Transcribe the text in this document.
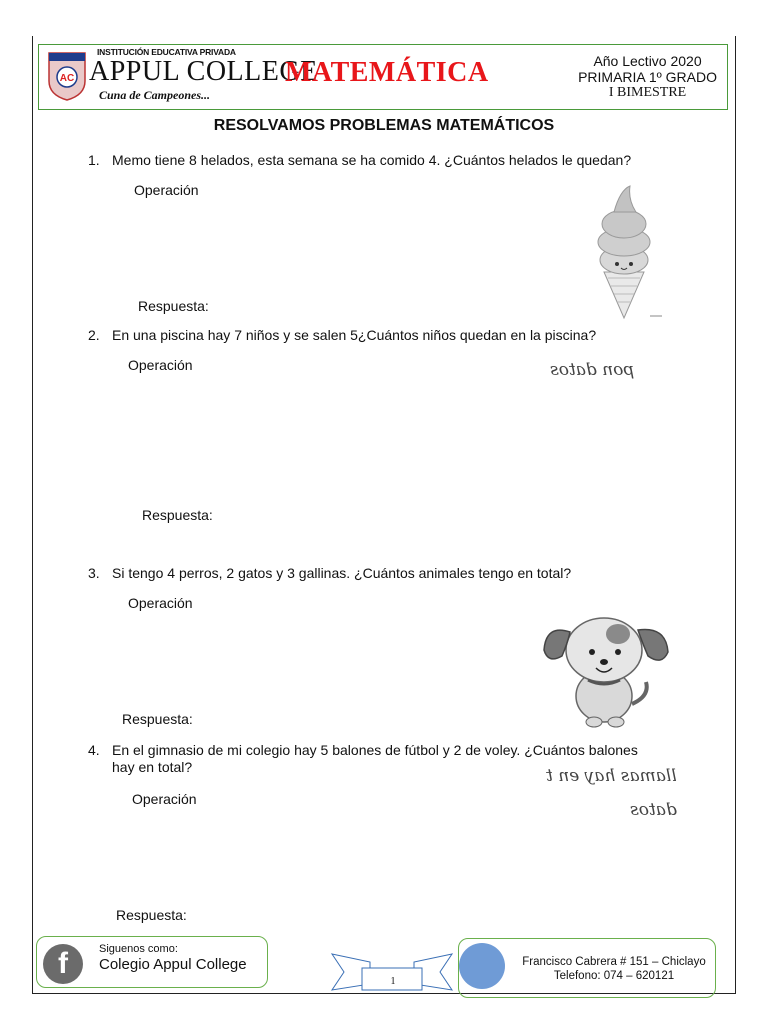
AC
INSTITUCIÓN EDUCATIVA PRIVADA
APPUL COLLEGE
Cuna de Campeones...
MATEMÁTICA	Año Lectivo 2020
PRIMARIA 1º GRADO
I BIMESTRE
RESOLVAMOS PROBLEMAS MATEMÁTICOS
1. Memo tiene 8 helados, esta semana se ha comido 4. ¿Cuántos helados le quedan?
Operación
Respuesta:
2. En una piscina hay 7 niños y se salen 5¿Cuántos niños quedan en la piscina?
Operación	pon datos
Respuesta:
3. Si tengo 4 perros, 2 gatos y 3 gallinas. ¿Cuántos animales tengo en total?
Operación
Respuesta:
4. En el gimnasio de mi colegio hay 5 balones de fútbol y 2 de voley. ¿Cuántos balones
hay en total?	llamas hay en t
datos
Operación
Respuesta:
f	Siguenos como:
Colegio Appul College
1
Francisco Cabrera # 151 – Chiclayo
Telefono: 074 – 620121
